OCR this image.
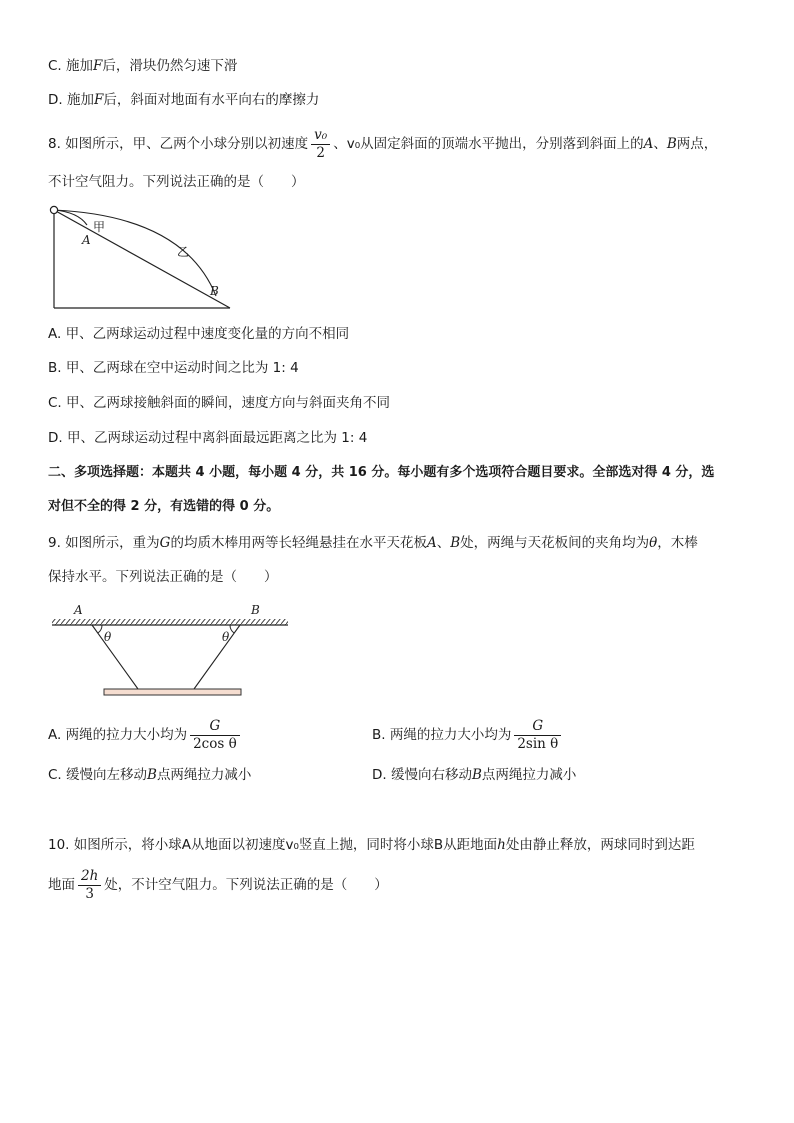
C. 施加F后，滑块仍然匀速下滑
D. 施加F后，斜面对地面有水平向右的摩擦力
8. 如图所示，甲、乙两个小球分别以初速度 $\frac{\text{v₀}}{2}$ 、v₀从固定斜面的顶端水平抛出，分别落到斜面上的A、B两点，
不计空气阻力。下列说法正确的是（　　）
甲
A
乙
B
A. 甲、乙两球运动过程中速度变化量的方向不相同
B. 甲、乙两球在空中运动时间之比为 1: 4
C. 甲、乙两球接触斜面的瞬间，速度方向与斜面夹角不同
D. 甲、乙两球运动过程中离斜面最远距离之比为 1: 4
二、多项选择题：本题共 4 小题，每小题 4 分，共 16 分。每小题有多个选项符合题目要求。全部选对得 4 分，选
对但不全的得 2 分，有选错的得 0 分。
9. 如图所示，重为G的均质木棒用两等长轻绳悬挂在水平天花板A、B处，两绳与天花板间的夹角均为θ，木棒
保持水平。下列说法正确的是（　　）
A	B
θ	θ
A. 两绳的拉力大小均为 $\frac{G}{\text{2cos θ}}$	B. 两绳的拉力大小均为 $\frac{G}{\text{2sin θ}}$
C. 缓慢向左移动B点两绳拉力减小	D. 缓慢向右移动B点两绳拉力减小
10. 如图所示，将小球A从地面以初速度v₀竖直上抛，同时将小球B从距地面h处由静止释放，两球同时到达距
地面 $\frac{2h}{3}$ 处，不计空气阻力。下列说法正确的是（　　）
